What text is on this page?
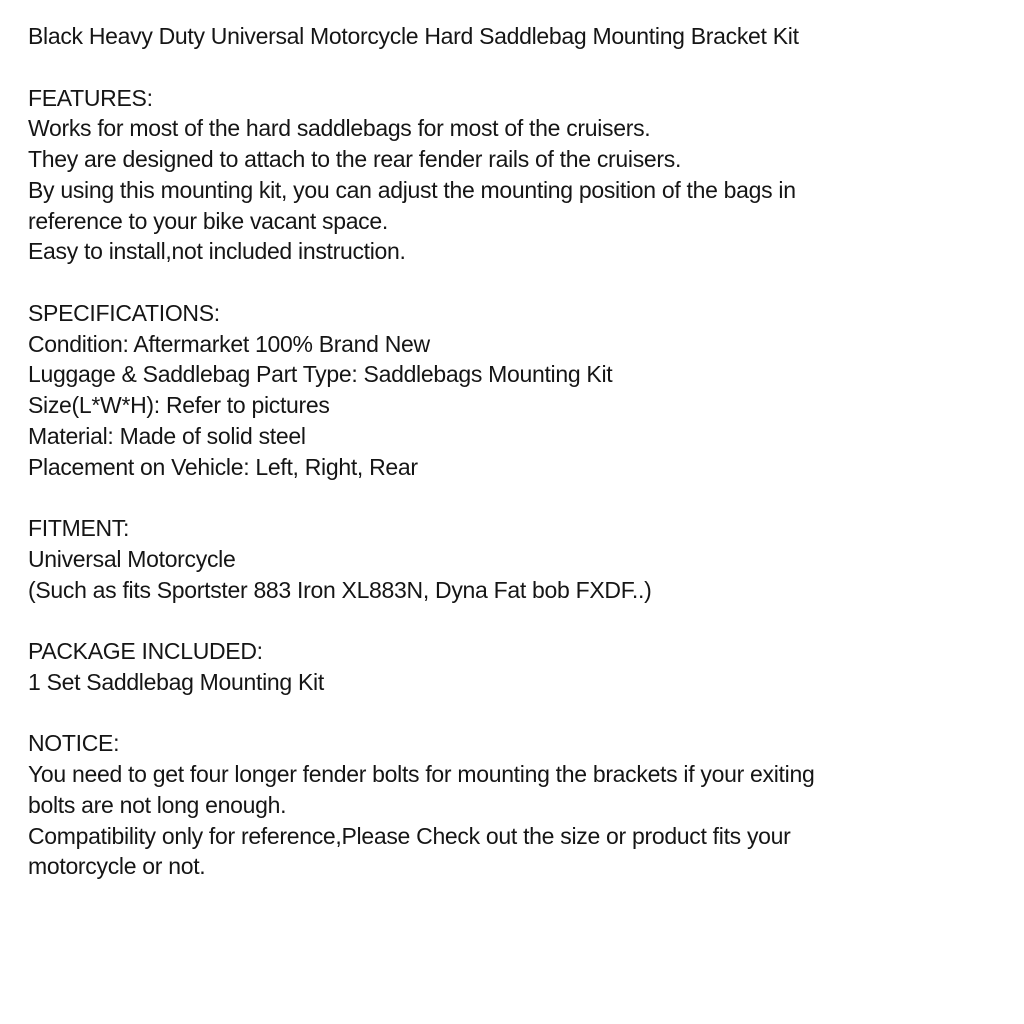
Black Heavy Duty Universal Motorcycle Hard Saddlebag Mounting Bracket Kit
FEATURES:
Works for most of the hard saddlebags for most of the cruisers.
They are designed to attach to the rear fender rails of the cruisers.
By using this mounting kit, you can adjust the mounting position of the bags in
reference to your bike vacant space.
Easy to install,not included instruction.
SPECIFICATIONS:
Condition: Aftermarket 100% Brand New
Luggage & Saddlebag Part Type: Saddlebags Mounting Kit
Size(L*W*H): Refer to pictures
Material: Made of solid steel
Placement on Vehicle: Left, Right, Rear
FITMENT:
Universal Motorcycle
(Such as fits Sportster 883 Iron XL883N, Dyna Fat bob FXDF..)
PACKAGE INCLUDED:
1 Set Saddlebag Mounting Kit
NOTICE:
You need to get four longer fender bolts for mounting the brackets if your exiting
bolts are not long enough.
Compatibility only for reference,Please Check out the size or product fits your
motorcycle or not.
